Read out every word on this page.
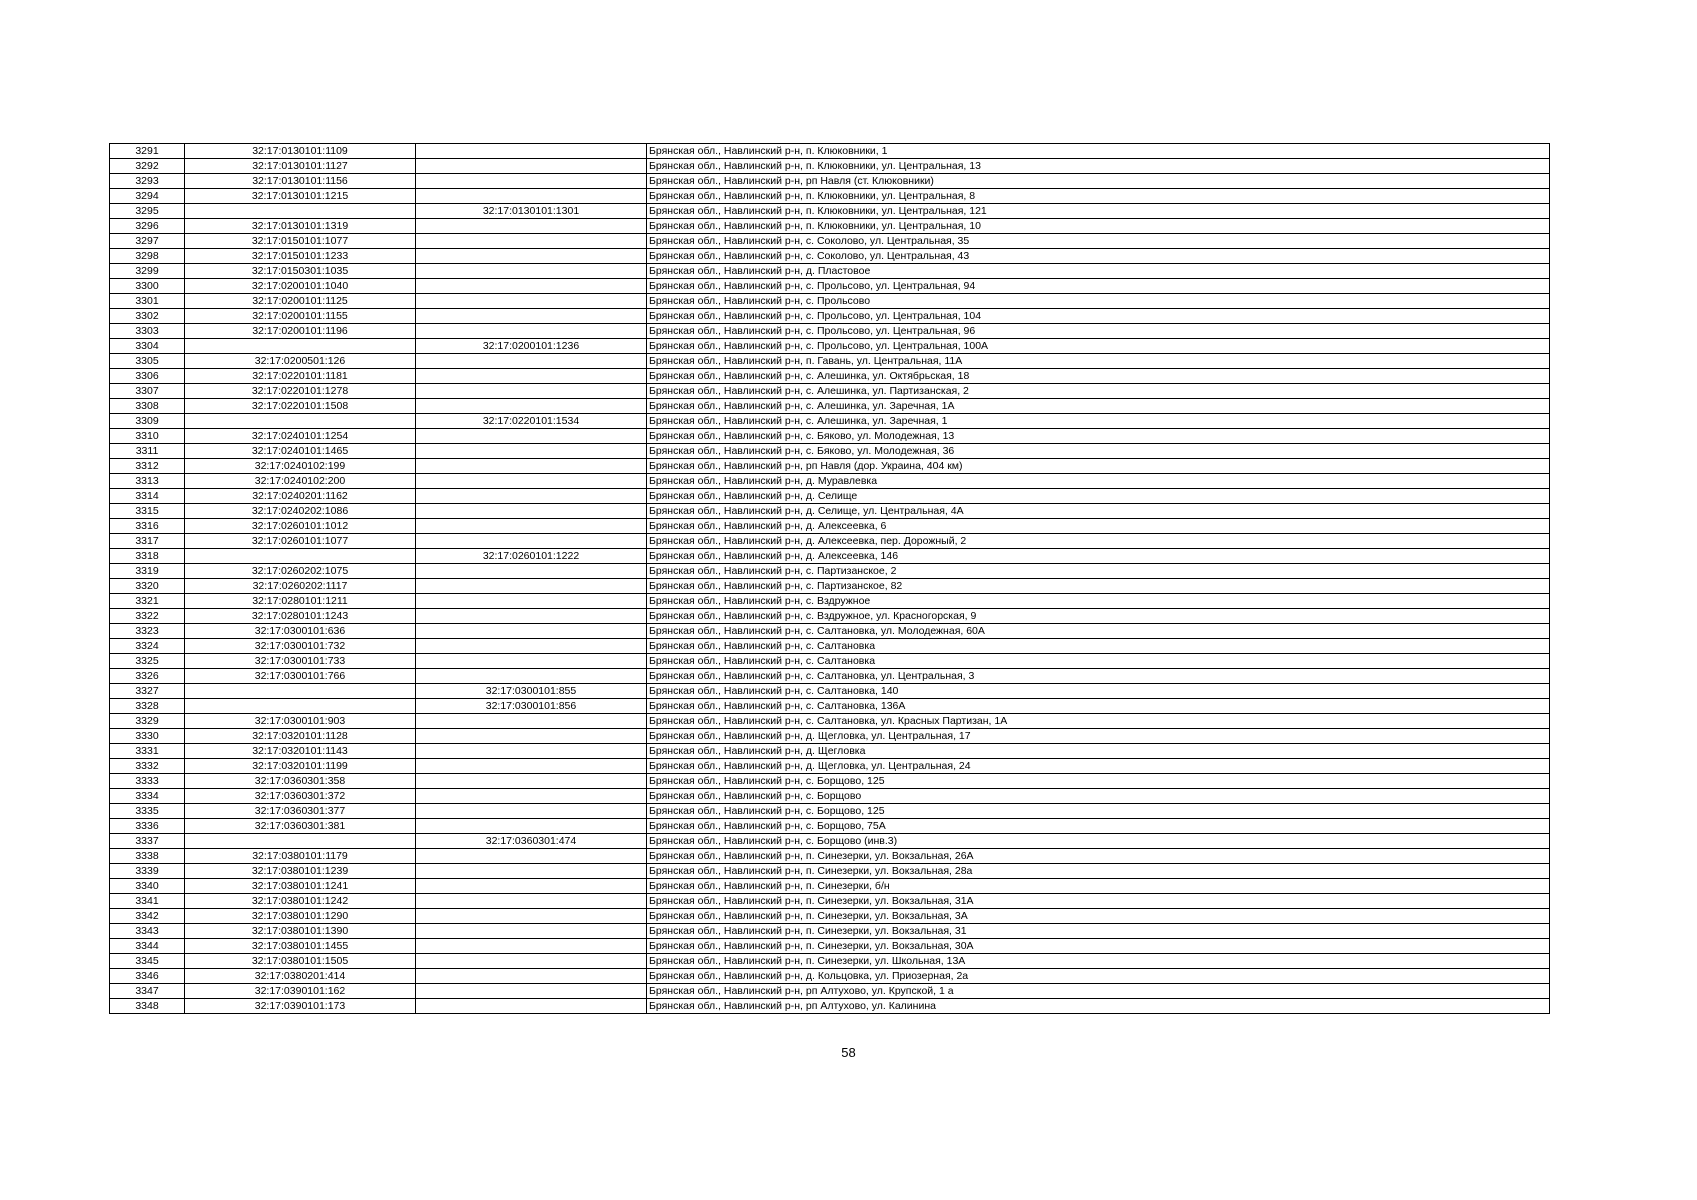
3291	32:17:0130101:1109		Брянская обл., Навлинский р-н, п. Клюковники, 1
3292	32:17:0130101:1127		Брянская обл., Навлинский р-н, п. Клюковники, ул. Центральная, 13
3293	32:17:0130101:1156		Брянская обл., Навлинский р-н, рп Навля (ст. Клюковники)
3294	32:17:0130101:1215		Брянская обл., Навлинский р-н, п. Клюковники, ул. Центральная, 8
3295		32:17:0130101:1301	Брянская обл., Навлинский р-н, п. Клюковники, ул. Центральная, 121
3296	32:17:0130101:1319		Брянская обл., Навлинский р-н, п. Клюковники, ул. Центральная, 10
3297	32:17:0150101:1077		Брянская обл., Навлинский р-н, с. Соколово, ул. Центральная, 35
3298	32:17:0150101:1233		Брянская обл., Навлинский р-н, с. Соколово, ул. Центральная, 43
3299	32:17:0150301:1035		Брянская обл., Навлинский р-н, д. Пластовое
3300	32:17:0200101:1040		Брянская обл., Навлинский р-н, с. Прольсово, ул. Центральная, 94
3301	32:17:0200101:1125		Брянская обл., Навлинский р-н, с. Прольсово
3302	32:17:0200101:1155		Брянская обл., Навлинский р-н, с. Прольсово, ул. Центральная, 104
3303	32:17:0200101:1196		Брянская обл., Навлинский р-н, с. Прольсово, ул. Центральная, 96
3304		32:17:0200101:1236	Брянская обл., Навлинский р-н, с. Прольсово, ул. Центральная, 100А
3305	32:17:0200501:126		Брянская обл., Навлинский р-н, п. Гавань, ул. Центральная, 11А
3306	32:17:0220101:1181		Брянская обл., Навлинский р-н, с. Алешинка, ул. Октябрьская, 18
3307	32:17:0220101:1278		Брянская обл., Навлинский р-н, с. Алешинка, ул. Партизанская, 2
3308	32:17:0220101:1508		Брянская обл., Навлинский р-н, с. Алешинка, ул. Заречная, 1А
3309		32:17:0220101:1534	Брянская обл., Навлинский р-н, с. Алешинка, ул. Заречная, 1
3310	32:17:0240101:1254		Брянская обл., Навлинский р-н, с. Бяково, ул. Молодежная, 13
3311	32:17:0240101:1465		Брянская обл., Навлинский р-н, с. Бяково, ул. Молодежная, 36
3312	32:17:0240102:199		Брянская обл., Навлинский р-н, рп Навля (дор. Украина, 404 км)
3313	32:17:0240102:200		Брянская обл., Навлинский р-н, д. Муравлевка
3314	32:17:0240201:1162		Брянская обл., Навлинский р-н, д. Селище
3315	32:17:0240202:1086		Брянская обл., Навлинский р-н, д. Селище, ул. Центральная, 4А
3316	32:17:0260101:1012		Брянская обл., Навлинский р-н, д. Алексеевка, 6
3317	32:17:0260101:1077		Брянская обл., Навлинский р-н, д. Алексеевка, пер. Дорожный, 2
3318		32:17:0260101:1222	Брянская обл., Навлинский р-н, д. Алексеевка, 146
3319	32:17:0260202:1075		Брянская обл., Навлинский р-н, с. Партизанское, 2
3320	32:17:0260202:1117		Брянская обл., Навлинский р-н, с. Партизанское, 82
3321	32:17:0280101:1211		Брянская обл., Навлинский р-н, с. Вздружное
3322	32:17:0280101:1243		Брянская обл., Навлинский р-н, с. Вздружное, ул. Красногорская, 9
3323	32:17:0300101:636		Брянская обл., Навлинский р-н, с. Салтановка, ул. Молодежная, 60А
3324	32:17:0300101:732		Брянская обл., Навлинский р-н, с. Салтановка
3325	32:17:0300101:733		Брянская обл., Навлинский р-н, с. Салтановка
3326	32:17:0300101:766		Брянская обл., Навлинский р-н, с. Салтановка, ул. Центральная, 3
3327		32:17:0300101:855	Брянская обл., Навлинский р-н, с. Салтановка, 140
3328		32:17:0300101:856	Брянская обл., Навлинский р-н, с. Салтановка, 136А
3329	32:17:0300101:903		Брянская обл., Навлинский р-н, с. Салтановка, ул. Красных Партизан, 1А
3330	32:17:0320101:1128		Брянская обл., Навлинский р-н, д. Щегловка, ул. Центральная, 17
3331	32:17:0320101:1143		Брянская обл., Навлинский р-н, д. Щегловка
3332	32:17:0320101:1199		Брянская обл., Навлинский р-н, д. Щегловка, ул. Центральная, 24
3333	32:17:0360301:358		Брянская обл., Навлинский р-н, с. Борщово, 125
3334	32:17:0360301:372		Брянская обл., Навлинский р-н, с. Борщово
3335	32:17:0360301:377		Брянская обл., Навлинский р-н, с. Борщово, 125
3336	32:17:0360301:381		Брянская обл., Навлинский р-н, с. Борщово, 75А
3337		32:17:0360301:474	Брянская обл., Навлинский р-н, с. Борщово (инв.3)
3338	32:17:0380101:1179		Брянская обл., Навлинский р-н, п. Синезерки, ул. Вокзальная, 26А
3339	32:17:0380101:1239		Брянская обл., Навлинский р-н, п. Синезерки, ул. Вокзальная, 28а
3340	32:17:0380101:1241		Брянская обл., Навлинский р-н, п. Синезерки, б/н
3341	32:17:0380101:1242		Брянская обл., Навлинский р-н, п. Синезерки, ул. Вокзальная, 31А
3342	32:17:0380101:1290		Брянская обл., Навлинский р-н, п. Синезерки, ул. Вокзальная, 3А
3343	32:17:0380101:1390		Брянская обл., Навлинский р-н, п. Синезерки, ул. Вокзальная, 31
3344	32:17:0380101:1455		Брянская обл., Навлинский р-н, п. Синезерки, ул. Вокзальная, 30А
3345	32:17:0380101:1505		Брянская обл., Навлинский р-н, п. Синезерки, ул. Школьная, 13А
3346	32:17:0380201:414		Брянская обл., Навлинский р-н, д. Кольцовка, ул. Приозерная, 2а
3347	32:17:0390101:162		Брянская обл., Навлинский р-н, рп Алтухово, ул. Крупской, 1 а
3348	32:17:0390101:173		Брянская обл., Навлинский р-н, рп Алтухово, ул. Калинина
58
